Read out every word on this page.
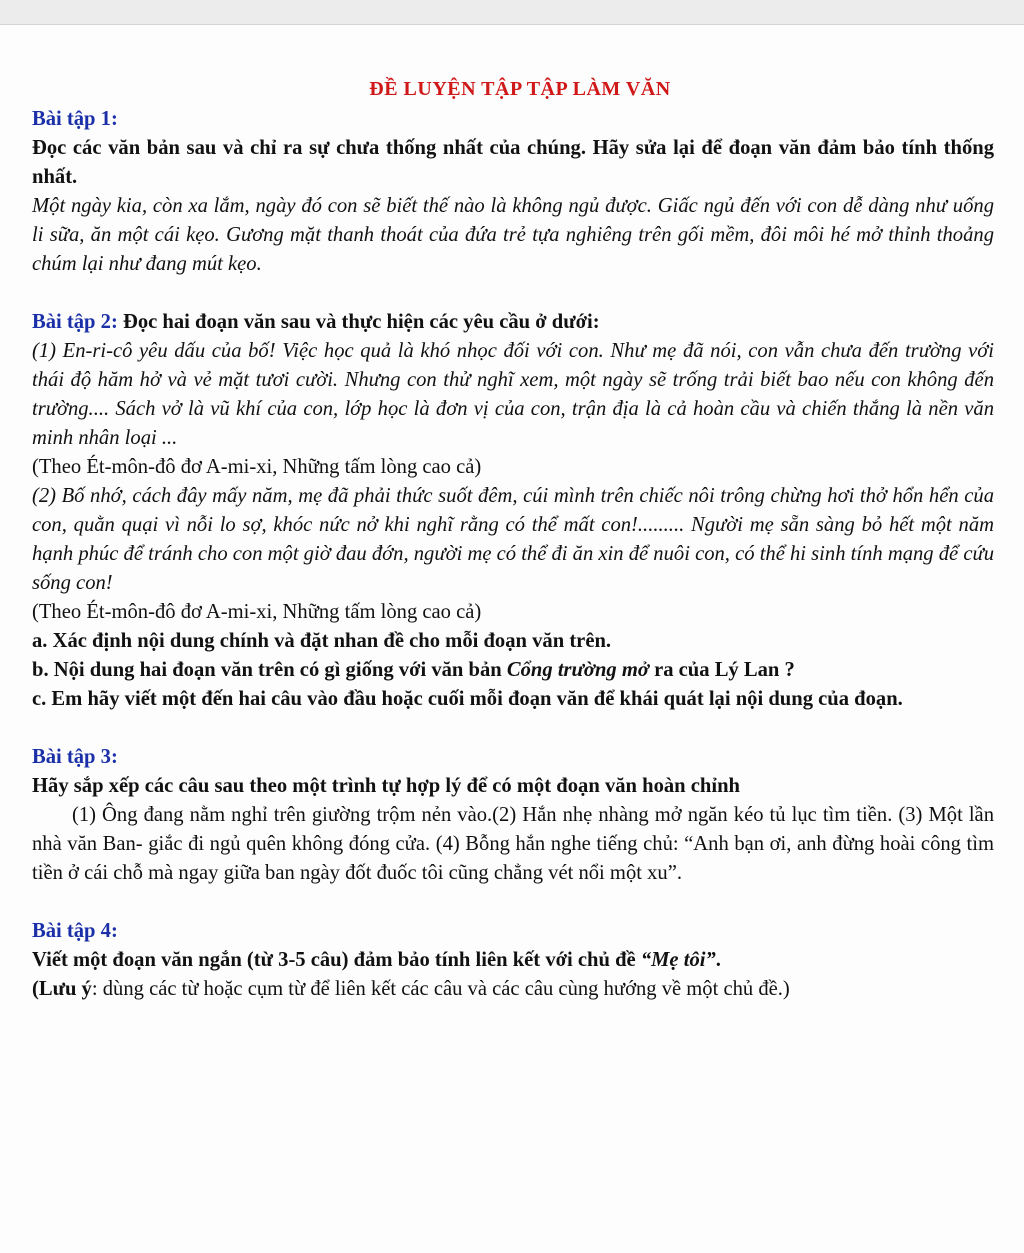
ĐỀ LUYỆN TẬP TẬP LÀM VĂN

Bài tập 1:

Đọc các văn bản sau và chỉ ra sự chưa thống nhất của chúng. Hãy sửa lại để đoạn văn đảm bảo tính thống nhất.

Một ngày kia, còn xa lắm, ngày đó con sẽ biết thế nào là không ngủ được. Giấc ngủ đến với con dễ dàng như uống li sữa, ăn một cái kẹo. Gương mặt thanh thoát của đứa trẻ tựa nghiêng trên gối mềm, đôi môi hé mở thỉnh thoảng chúm lại như đang mút kẹo.

Bài tập 2: Đọc hai đoạn văn sau và thực hiện các yêu cầu ở dưới:

(1) En-ri-cô yêu dấu của bố! Việc học quả là khó nhọc đối với con. Như mẹ đã nói, con vẫn chưa đến trường với thái độ hăm hở và vẻ mặt tươi cười. Nhưng con thử nghĩ xem, một ngày sẽ trống trải biết bao nếu con không đến trường.... Sách vở là vũ khí của con, lớp học là đơn vị của con, trận địa là cả hoàn cầu và chiến thắng là nền văn minh nhân loại ...

(Theo Ét-môn-đô đơ A-mi-xi, Những tấm lòng cao cả)

(2) Bố nhớ, cách đây mấy năm, mẹ đã phải thức suốt đêm, cúi mình trên chiếc nôi trông chừng hơi thở hổn hển của con, quằn quại vì nỗi lo sợ, khóc nức nở khi nghĩ rằng có thể mất con!......... Người mẹ sẵn sàng bỏ hết một năm hạnh phúc để tránh cho con một giờ đau đớn, người mẹ có thể đi ăn xin để nuôi con, có thể hi sinh tính mạng để cứu sống con!

(Theo Ét-môn-đô đơ A-mi-xi, Những tấm lòng cao cả)

a. Xác định nội dung chính và đặt nhan đề cho mỗi đoạn văn trên.

b. Nội dung hai đoạn văn trên có gì giống với văn bản Cổng trường mở ra của Lý Lan ?

c. Em hãy viết một đến hai câu vào đầu hoặc cuối mỗi đoạn văn để khái quát lại nội dung của đoạn.

Bài tập 3:

Hãy sắp xếp các câu sau theo một trình tự hợp lý để có một đoạn văn hoàn chỉnh

(1) Ông đang nằm nghỉ trên giường trộm nẻn vào.(2) Hắn nhẹ nhàng mở ngăn kéo tủ lục tìm tiền. (3) Một lần nhà văn Ban- giắc đi ngủ quên không đóng cửa. (4) Bỗng hắn nghe tiếng chủ: “Anh bạn ơi, anh đừng hoài công tìm tiền ở cái chỗ mà ngay giữa ban ngày đốt đuốc tôi cũng chẳng vét nổi một xu”.

Bài tập 4:

Viết một đoạn văn ngắn (từ 3-5 câu) đảm bảo tính liên kết với chủ đề “Mẹ tôi”.

(Lưu ý: dùng các từ hoặc cụm từ để liên kết các câu và các câu cùng hướng về một chủ đề.)
